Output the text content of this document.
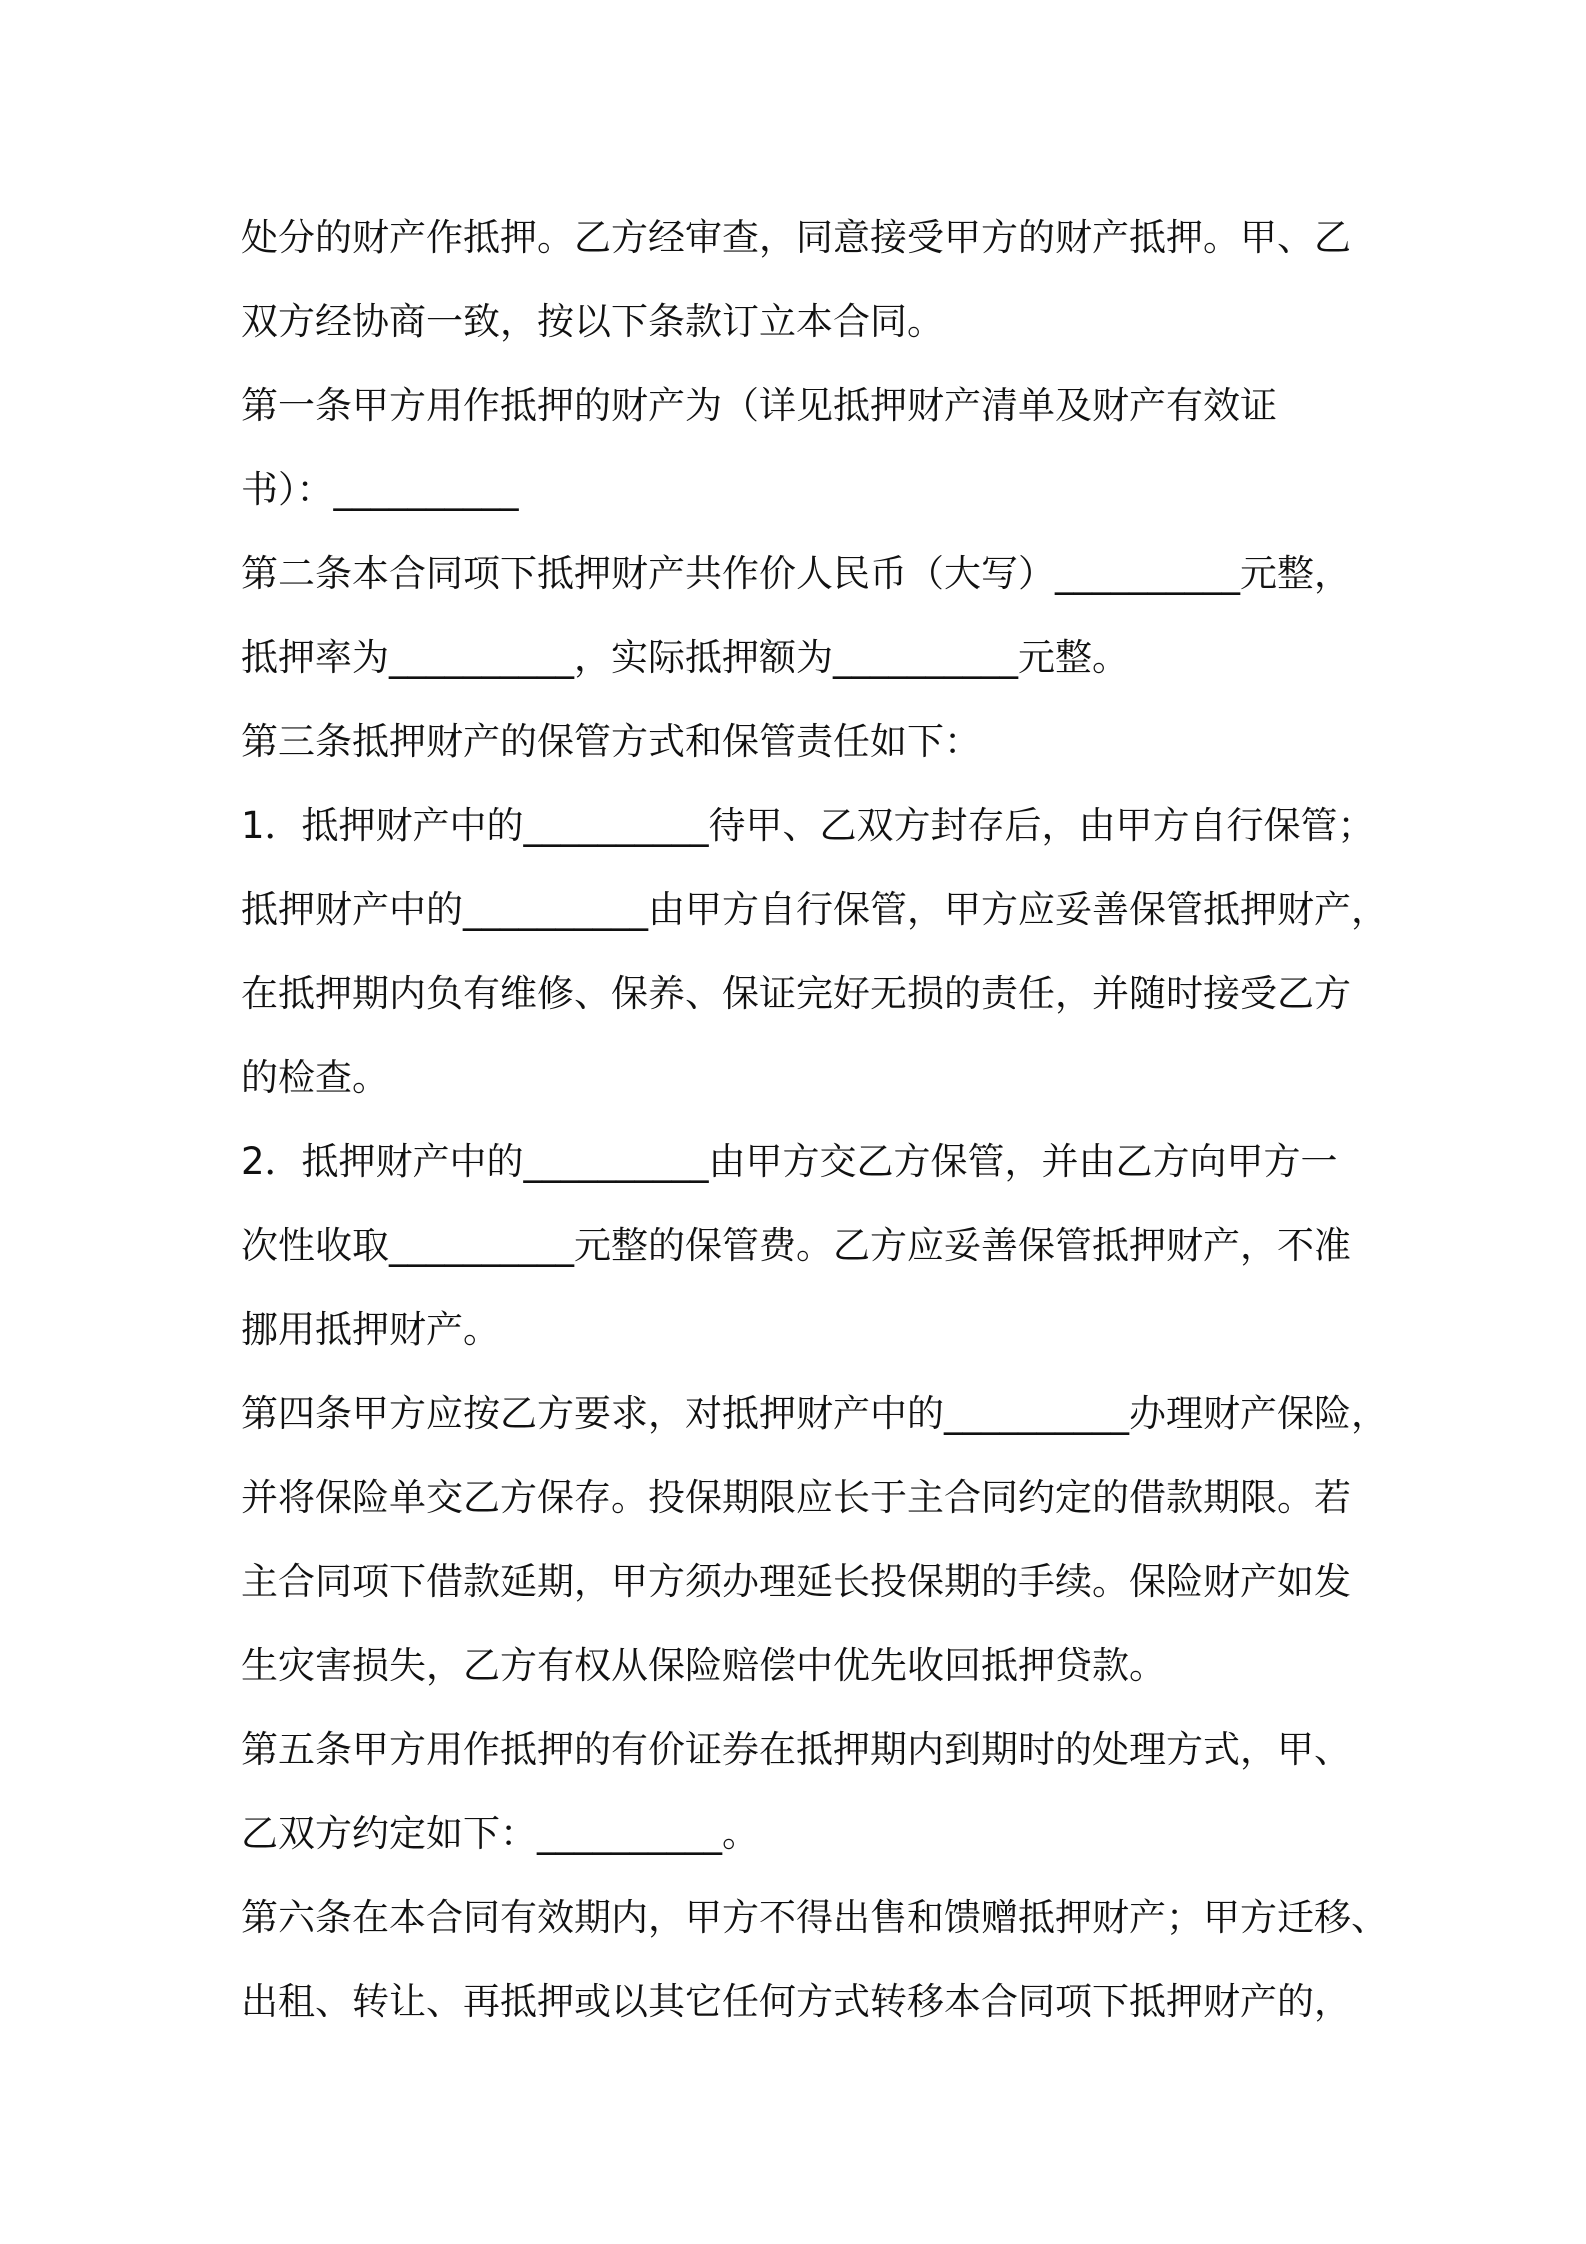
处分的财产作抵押。乙方经审查，同意接受甲方的财产抵押。甲、乙
双方经协商一致，按以下条款订立本合同。
第一条甲方用作抵押的财产为（详见抵押财产清单及财产有效证
书）：__________
第二条本合同项下抵押财产共作价人民币（大写）__________元整，
抵押率为__________，实际抵押额为__________元整。
第三条抵押财产的保管方式和保管责任如下：
1．抵押财产中的__________待甲、乙双方封存后，由甲方自行保管；
抵押财产中的__________由甲方自行保管，甲方应妥善保管抵押财产，
在抵押期内负有维修、保养、保证完好无损的责任，并随时接受乙方
的检查。
2．抵押财产中的__________由甲方交乙方保管，并由乙方向甲方一
次性收取__________元整的保管费。乙方应妥善保管抵押财产，不准
挪用抵押财产。
第四条甲方应按乙方要求，对抵押财产中的__________办理财产保险，
并将保险单交乙方保存。投保期限应长于主合同约定的借款期限。若
主合同项下借款延期，甲方须办理延长投保期的手续。保险财产如发
生灾害损失，乙方有权从保险赔偿中优先收回抵押贷款。
第五条甲方用作抵押的有价证券在抵押期内到期时的处理方式，甲、
乙双方约定如下：__________。
第六条在本合同有效期内，甲方不得出售和馈赠抵押财产；甲方迁移、
出租、转让、再抵押或以其它任何方式转移本合同项下抵押财产的，
